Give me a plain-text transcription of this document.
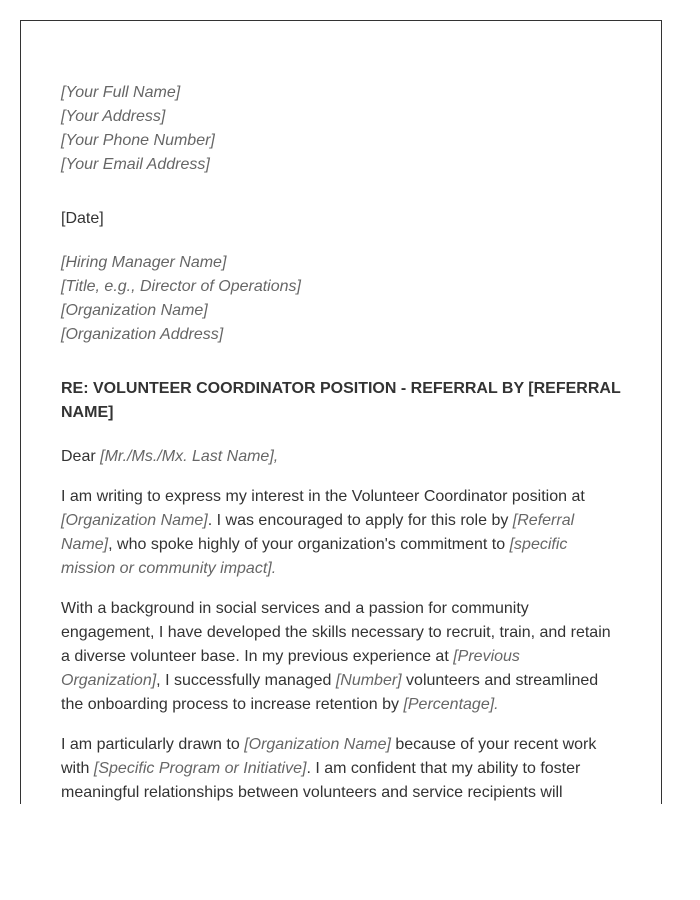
[Your Full Name]
[Your Address]
[Your Phone Number]
[Your Email Address]
[Date]
[Hiring Manager Name]
[Title, e.g., Director of Operations]
[Organization Name]
[Organization Address]
RE: VOLUNTEER COORDINATOR POSITION - REFERRAL BY [REFERRAL
NAME]
Dear [Mr./Ms./Mx. Last Name],
I am writing to express my interest in the Volunteer Coordinator position at
[Organization Name]. I was encouraged to apply for this role by [Referral
Name], who spoke highly of your organization's commitment to [specific
mission or community impact].
With a background in social services and a passion for community
engagement, I have developed the skills necessary to recruit, train, and retain
a diverse volunteer base. In my previous experience at [Previous
Organization], I successfully managed [Number] volunteers and streamlined
the onboarding process to increase retention by [Percentage].
I am particularly drawn to [Organization Name] because of your recent work
with [Specific Program or Initiative]. I am confident that my ability to foster
meaningful relationships between volunteers and service recipients will
